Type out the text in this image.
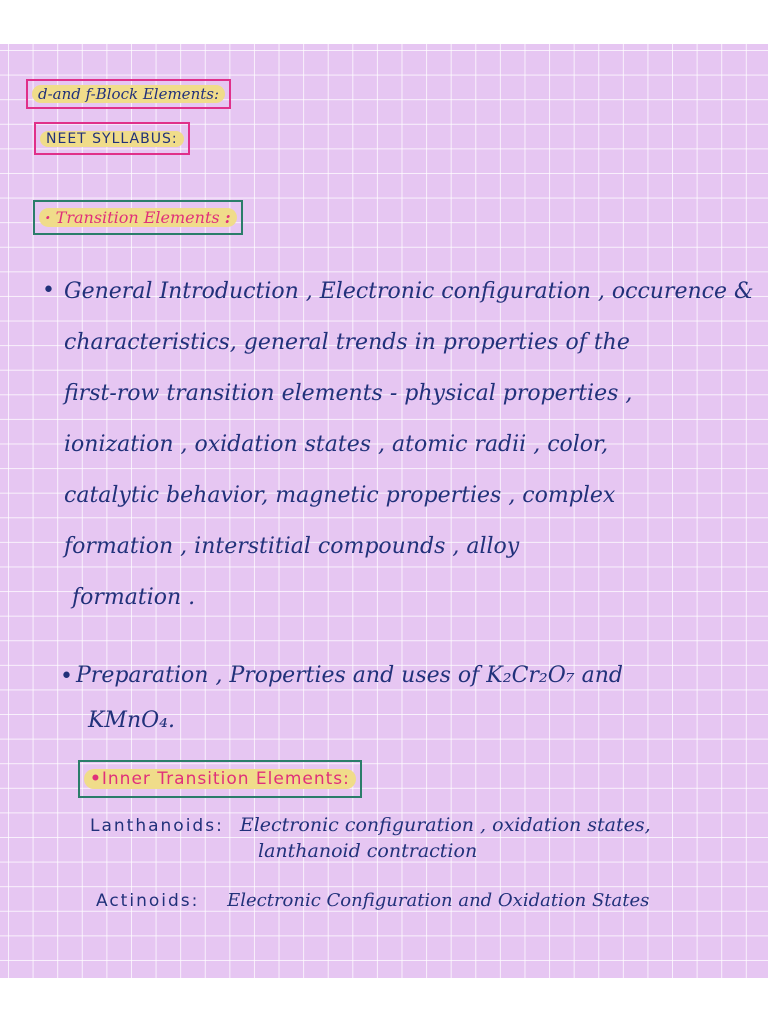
d-and f-Block Elements:
NEET SYLLABUS:
· Transition Elements :
• General Introduction , Electronic configuration , occurence &
characteristics, general trends in properties of the
first-row transition elements - physical properties ,
ionization , oxidation states , atomic radii , color,
catalytic behavior, magnetic properties , complex
formation , interstitial compounds , alloy
formation .
• Preparation , Properties and uses of K₂Cr₂O₇ and
KMnO₄.
•Inner Transition Elements:
Lanthanoids: Electronic configuration , oxidation states,
lanthanoid contraction
Actinoids: Electronic Configuration and Oxidation States
